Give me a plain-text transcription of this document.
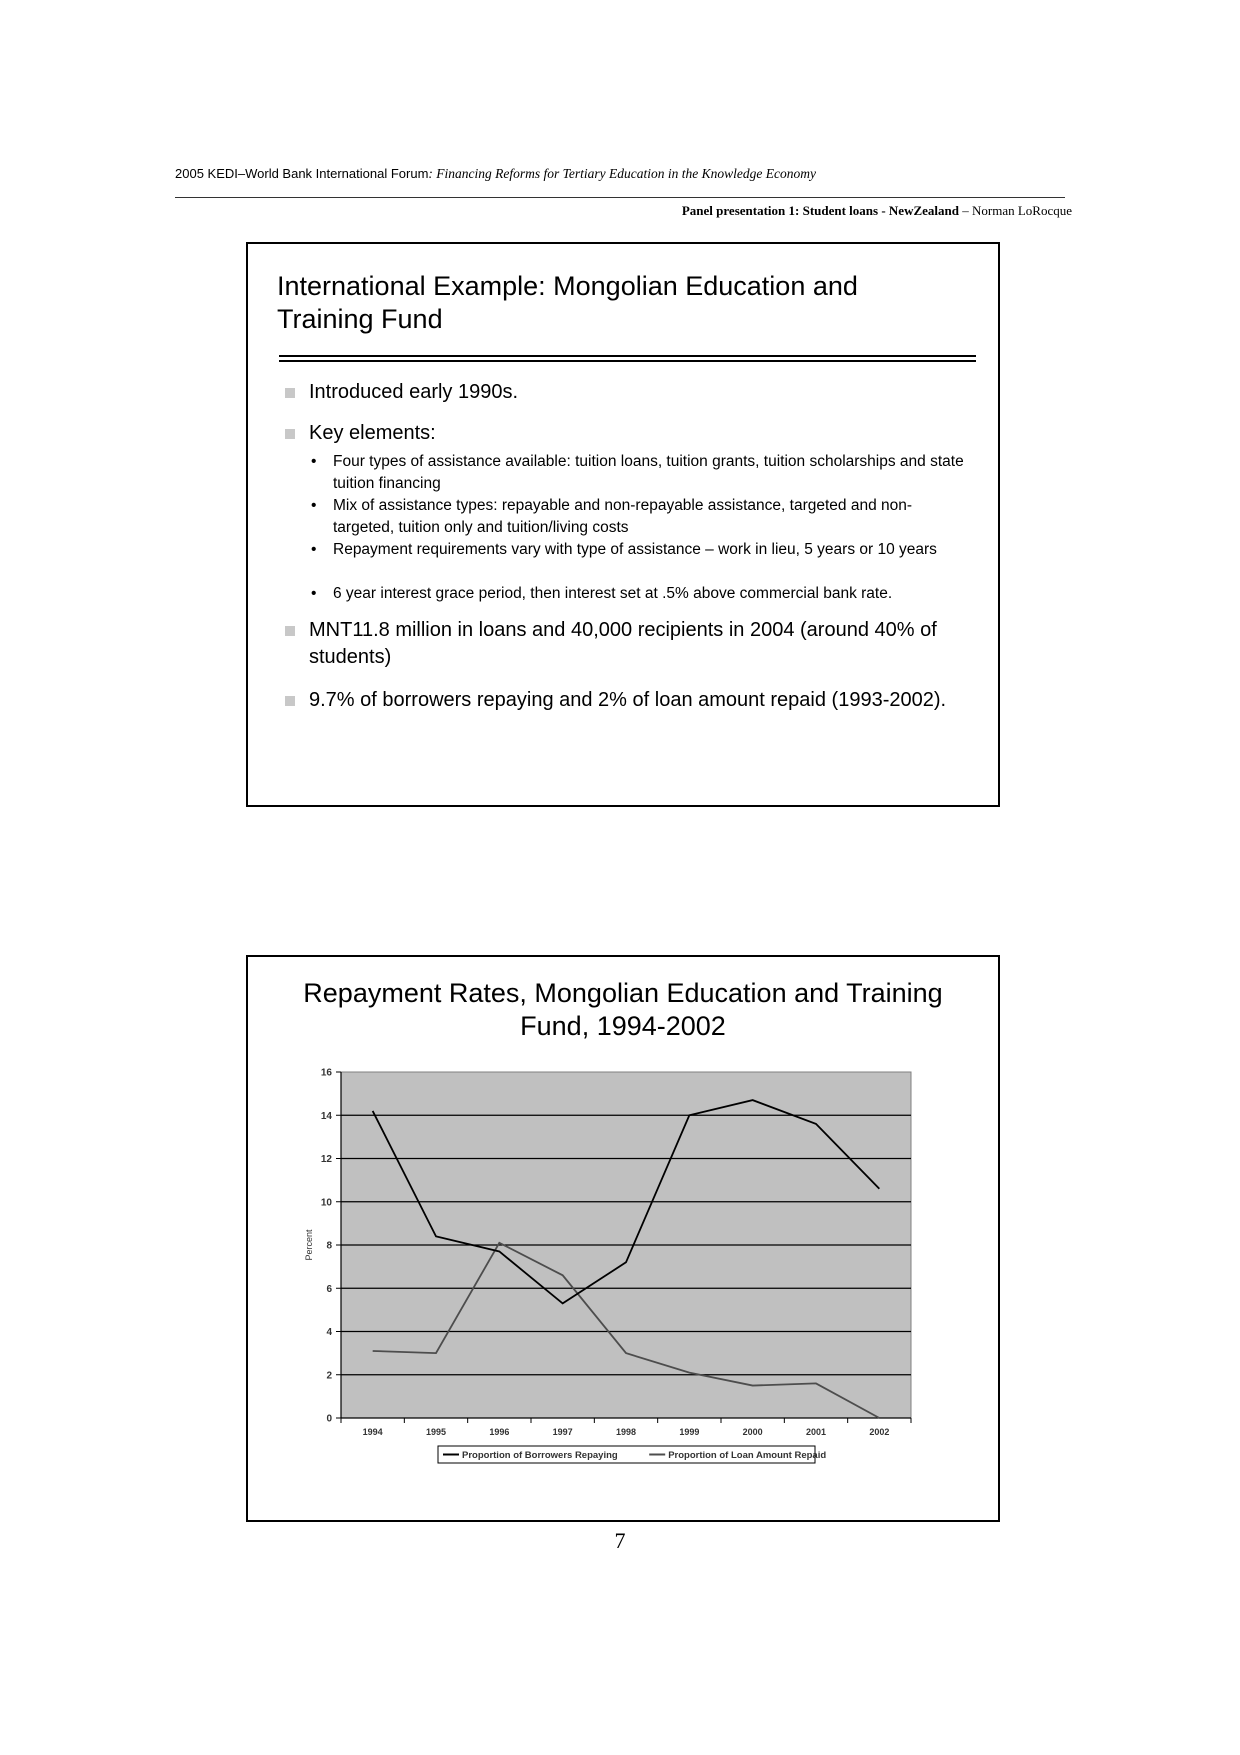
2005 KEDI–World Bank International Forum: Financing Reforms for Tertiary Education in the Knowledge Economy
Panel presentation 1: Student loans - NewZealand – Norman LoRocque
International Example: Mongolian Education and
Training Fund
Introduced early 1990s.
Key elements:
• Four types of assistance available: tuition loans, tuition grants, tuition scholarships and state tuition financing
• Mix of assistance types: repayable and non-repayable assistance, targeted and non-targeted, tuition only and tuition/living costs
• Repayment requirements vary with type of assistance – work in lieu, 5 years or 10 years
• 6 year interest grace period, then interest set at .5% above commercial bank rate.
MNT11.8 million in loans and 40,000 recipients in 2004 (around 40% of students)
9.7% of borrowers repaying and 2% of loan amount repaid (1993-2002).
Repayment Rates, Mongolian Education and Training
Fund, 1994-2002
0
2
4
6
8
10
12
14
16
1994	1995	1996	1997	1998	1999	2000	2001	2002
Percent
Proportion of Borrowers Repaying	Proportion of Loan Amount Repaid
7
